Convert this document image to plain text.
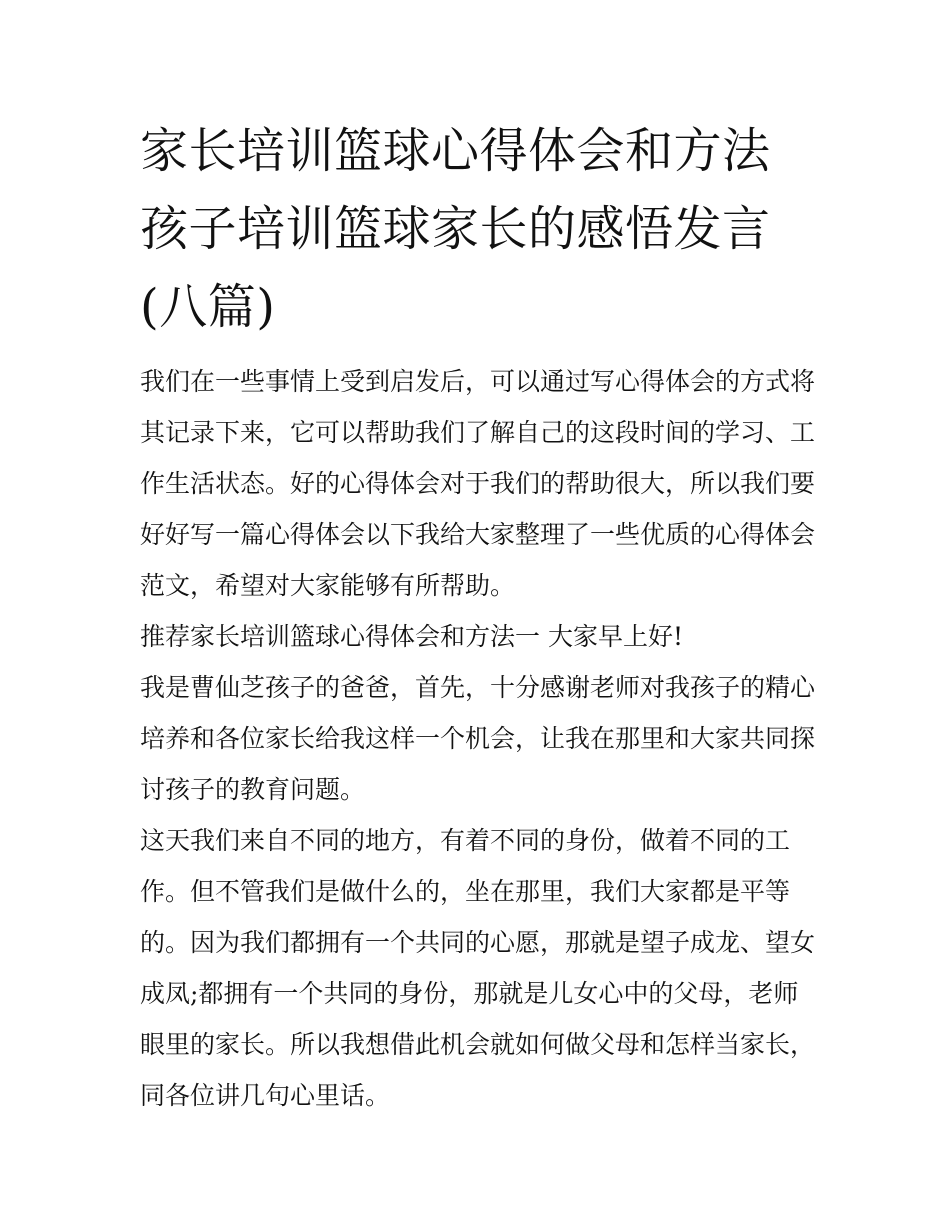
家长培训篮球心得体会和方法
孩子培训篮球家长的感悟发言
(八篇)

我们在一些事情上受到启发后，可以通过写心得体会的方式将
其记录下来，它可以帮助我们了解自己的这段时间的学习、工
作生活状态。好的心得体会对于我们的帮助很大，所以我们要
好好写一篇心得体会以下我给大家整理了一些优质的心得体会
范文，希望对大家能够有所帮助。

推荐家长培训篮球心得体会和方法一 大家早上好!

我是曹仙芝孩子的爸爸，首先，十分感谢老师对我孩子的精心
培养和各位家长给我这样一个机会，让我在那里和大家共同探
讨孩子的教育问题。

这天我们来自不同的地方，有着不同的身份，做着不同的工
作。但不管我们是做什么的，坐在那里，我们大家都是平等
的。因为我们都拥有一个共同的心愿，那就是望子成龙、望女
成凤;都拥有一个共同的身份，那就是儿女心中的父母，老师
眼里的家长。所以我想借此机会就如何做父母和怎样当家长，
同各位讲几句心里话。
